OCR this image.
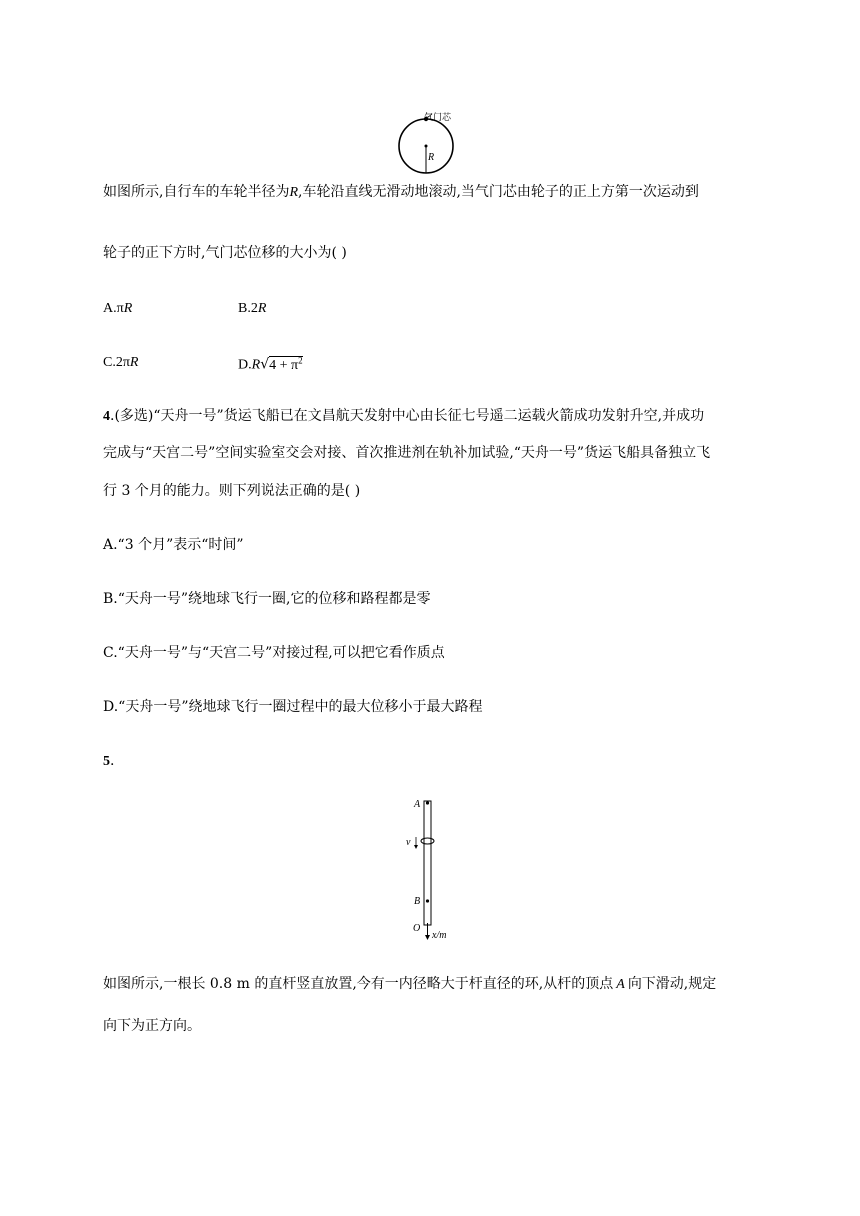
气门芯
R
如图所示,自行车的车轮半径为R,车轮沿直线无滑动地滚动,当气门芯由轮子的正上方第一次运动到
轮子的正下方时,气门芯位移的大小为( )
A.πR	B.2R
C.2πR	$D.R√4 + \pi^2$
4.(多选)“天舟一号”货运飞船已在文昌航天发射中心由长征七号遥二运载火箭成功发射升空,并成功
完成与“天宫二号”空间实验室交会对接、首次推进剂在轨补加试验,“天舟一号”货运飞船具备独立飞
行 3 个月的能力。则下列说法正确的是( )
A.“3 个月”表示“时间”
B.“天舟一号”绕地球飞行一圈,它的位移和路程都是零
C.“天舟一号”与“天宫二号”对接过程,可以把它看作质点
D.“天舟一号”绕地球飞行一圈过程中的最大位移小于最大路程
5.
A
v
B
O
x/m
如图所示,一根长 0.8 m 的直杆竖直放置,今有一内径略大于杆直径的环,从杆的顶点 A 向下滑动,规定
向下为正方向。
